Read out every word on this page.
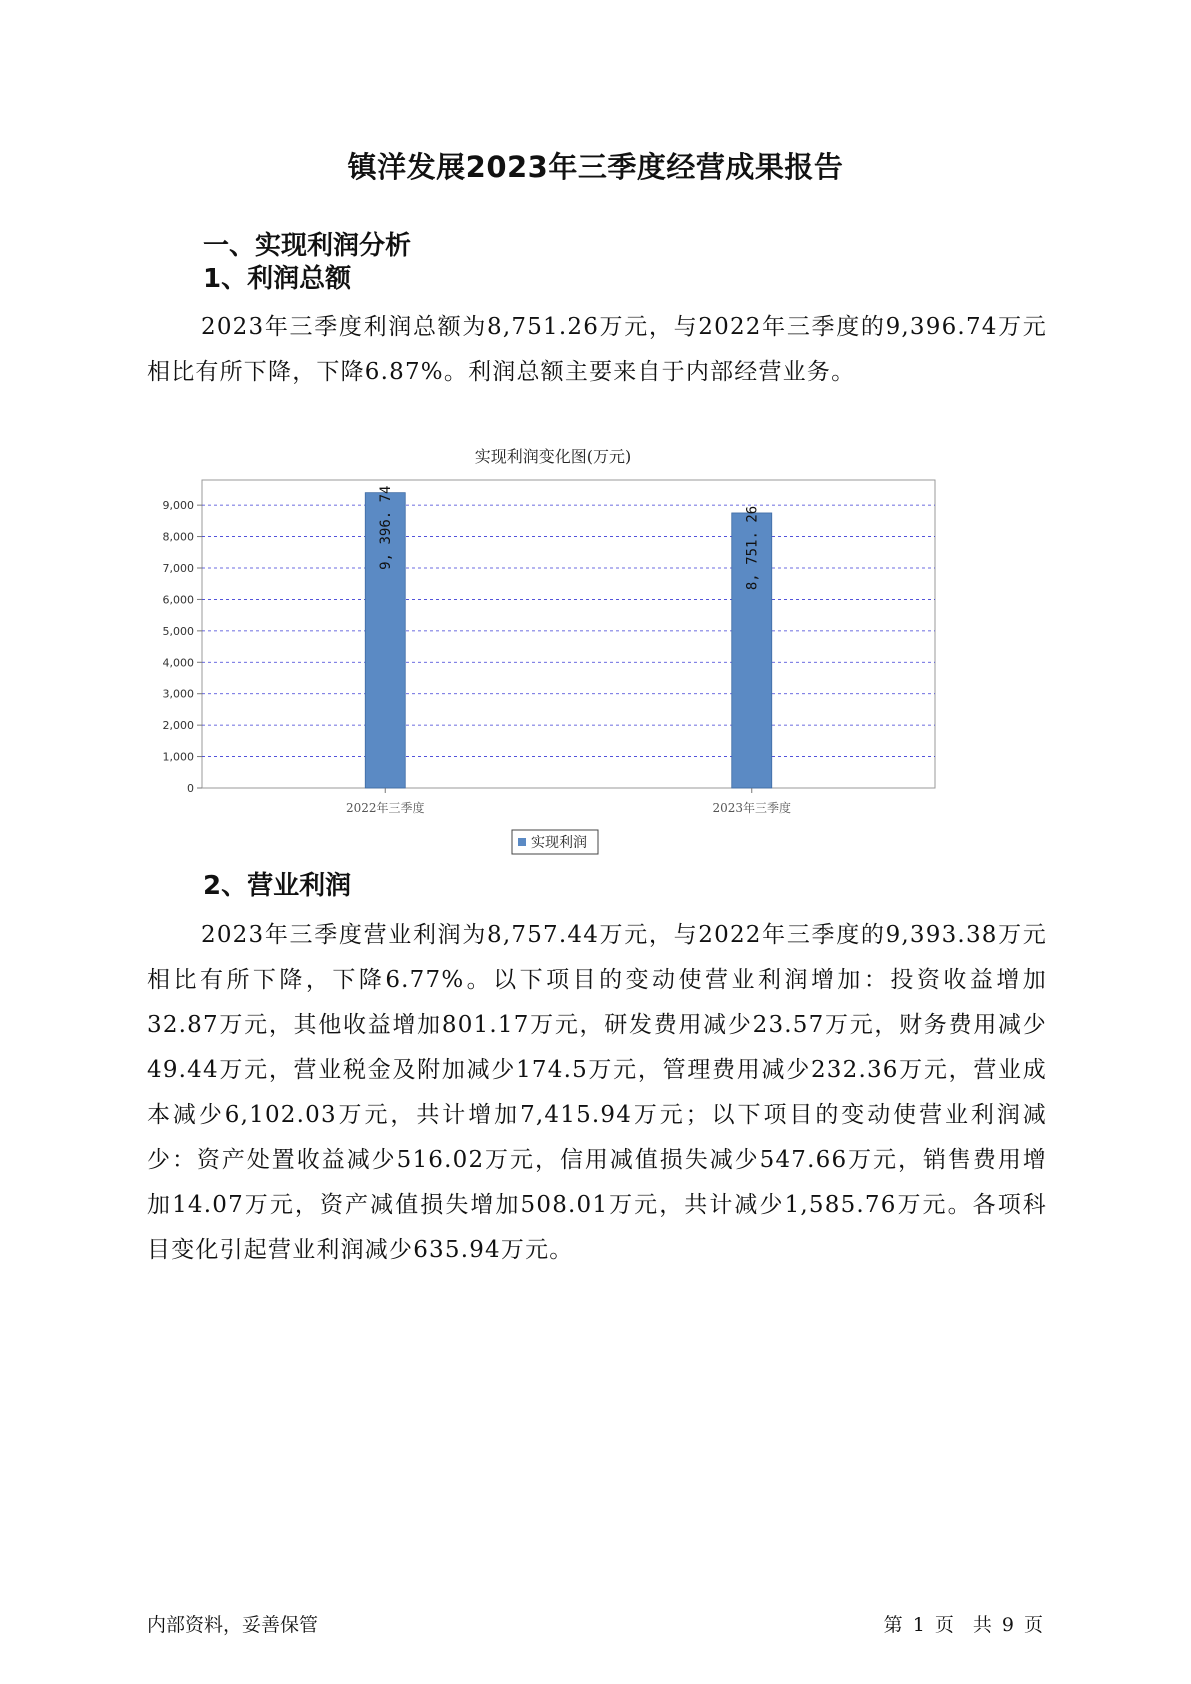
镇洋发展2023年三季度经营成果报告
一、实现利润分析
1、利润总额
2023年三季度利润总额为8,751.26万元，与2022年三季度的9,396.74万元相比有所下降，下降6.87%。利润总额主要来自于内部经营业务。
实现利润变化图(万元)
0
1,000
2,000
3,000
4,000
5,000
6,000
7,000
8,000
9,000	9, 396. 74
2022年三季度
8, 751. 26
2023年三季度
实现利润
2、营业利润
2023年三季度营业利润为8,757.44万元，与2022年三季度的9,393.38万元相比有所下降，下降6.77%。以下项目的变动使营业利润增加：投资收益增加32.87万元，其他收益增加801.17万元，研发费用减少23.57万元，财务费用减少49.44万元，营业税金及附加减少174.5万元，管理费用减少232.36万元，营业成本减少6,102.03万元，共计增加7,415.94万元；以下项目的变动使营业利润减少：资产处置收益减少516.02万元，信用减值损失减少547.66万元，销售费用增加14.07万元，资产减值损失增加508.01万元，共计减少1,585.76万元。各项科目变化引起营业利润减少635.94万元。
内部资料，妥善保管	第 1 页　共 9 页
